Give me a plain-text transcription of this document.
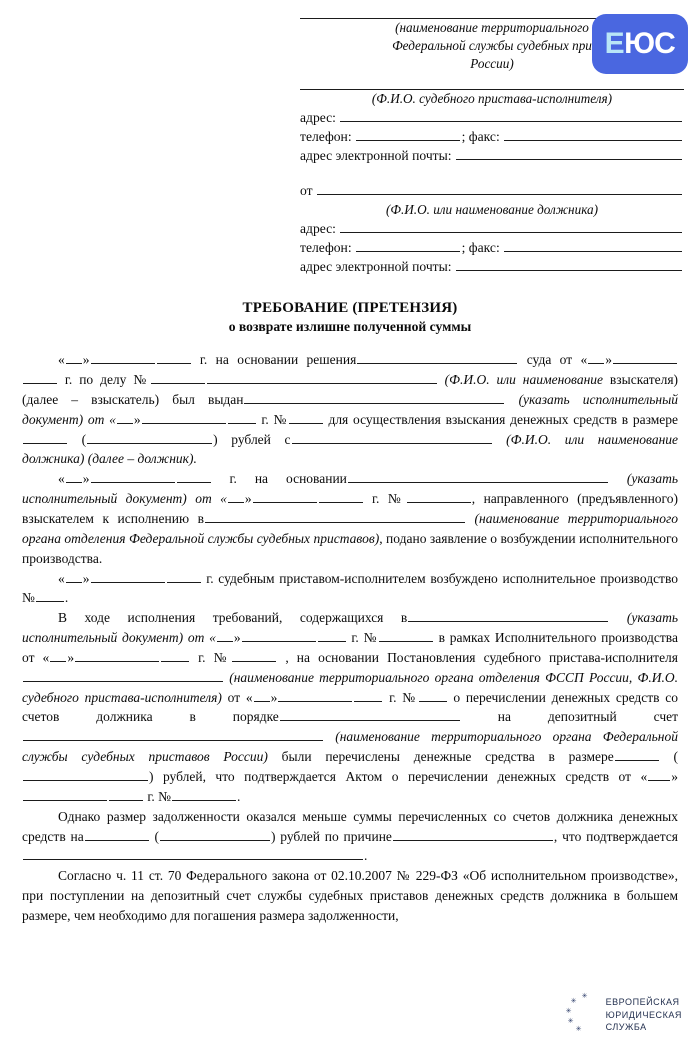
ЕЮС
(наименование территориального
Федеральной службы судебных при
России)
(Ф.И.О. судебного пристава-исполнителя)
адрес:
телефон:	; факс:
адрес электронной почты:
от
(Ф.И.О. или наименование должника)
адрес:
телефон:	; факс:
адрес электронной почты:
ТРЕБОВАНИЕ (ПРЕТЕНЗИЯ)
о возврате излишне полученной суммы

« »	г. на основании решения	суда от « » г. по делу №	(Ф.И.О. или наименование взыскателя) (далее – взыскатель) был выдан	(указать исполнительный документ) от « »	г. №	для осуществления взыскания денежных средств в размере (	) рублей с	(Ф.И.О. или наименование должника) (далее – должник).

« »	г. на основании	(указать исполнительный документ) от « »	г. №	, направленного (предъявленного) взыскателем к исполнению в	(наименование территориального органа отделения Федеральной службы судебных приставов), подано заявление о возбуждении исполнительного производства.

« »	г. судебным приставом-исполнителем возбуждено исполнительное производство № .

В ходе исполнения требований, содержащихся в	(указать исполнительный документ) от « »	г. №	в рамках Исполнительного производства от « »	г. №	, на основании Постановления судебного пристава-исполнителя (наименование территориального органа отделения ФССП России, Ф.И.О. судебного пристава-исполнителя) от « »	г. №	о перечислении денежных средств со счетов должника в порядке	на депозитный счет (наименование территориального органа Федеральной службы судебных приставов России) были перечислены денежные средства в размере	() рублей, что подтверждается Актом о перечислении денежных средств от « » г. №	.

Однако размер задолженности оказался меньше суммы перечисленных со счетов должника денежных средств на	(	) рублей по причине	, что подтверждается.

Согласно ч. 11 ст. 70 Федерального закона от 02.10.2007 № 229-ФЗ «Об исполнительном производстве», при поступлении на депозитный счет службы судебных приставов денежных средств должника в большем размере, чем необходимо для погашения размера задолженности,

✳
✳
✳
✳
✳
ЕВРОПЕЙСКАЯ
ЮРИДИЧЕСКАЯ
СЛУЖБА
